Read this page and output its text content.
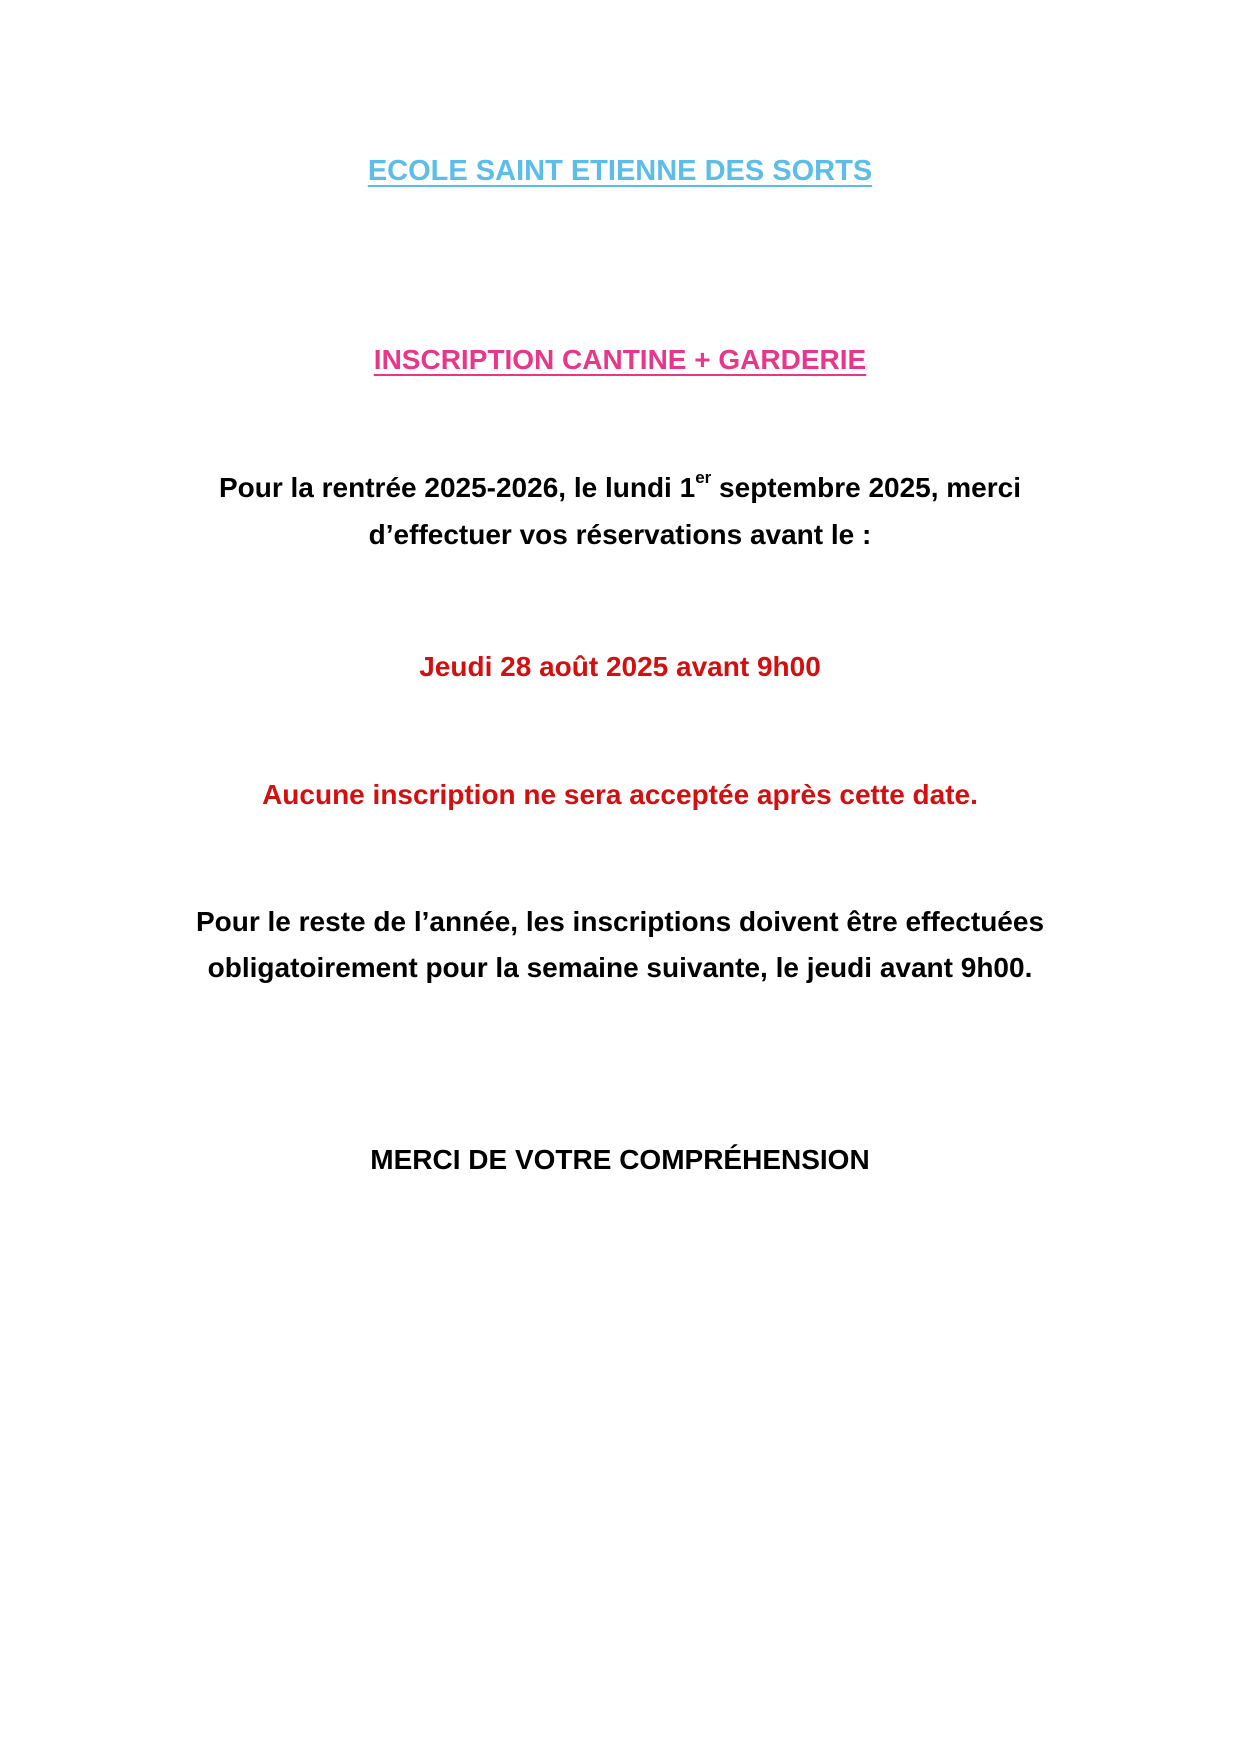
ECOLE SAINT ETIENNE DES SORTS
INSCRIPTION CANTINE + GARDERIE
Pour la rentrée 2025-2026, le lundi 1er septembre 2025, merci
d’effectuer vos réservations avant le :
Jeudi 28 août 2025 avant 9h00
Aucune inscription ne sera acceptée après cette date.
Pour le reste de l’année, les inscriptions doivent être effectuées
obligatoirement pour la semaine suivante, le jeudi avant 9h00.
MERCI DE VOTRE COMPRÉHENSION
